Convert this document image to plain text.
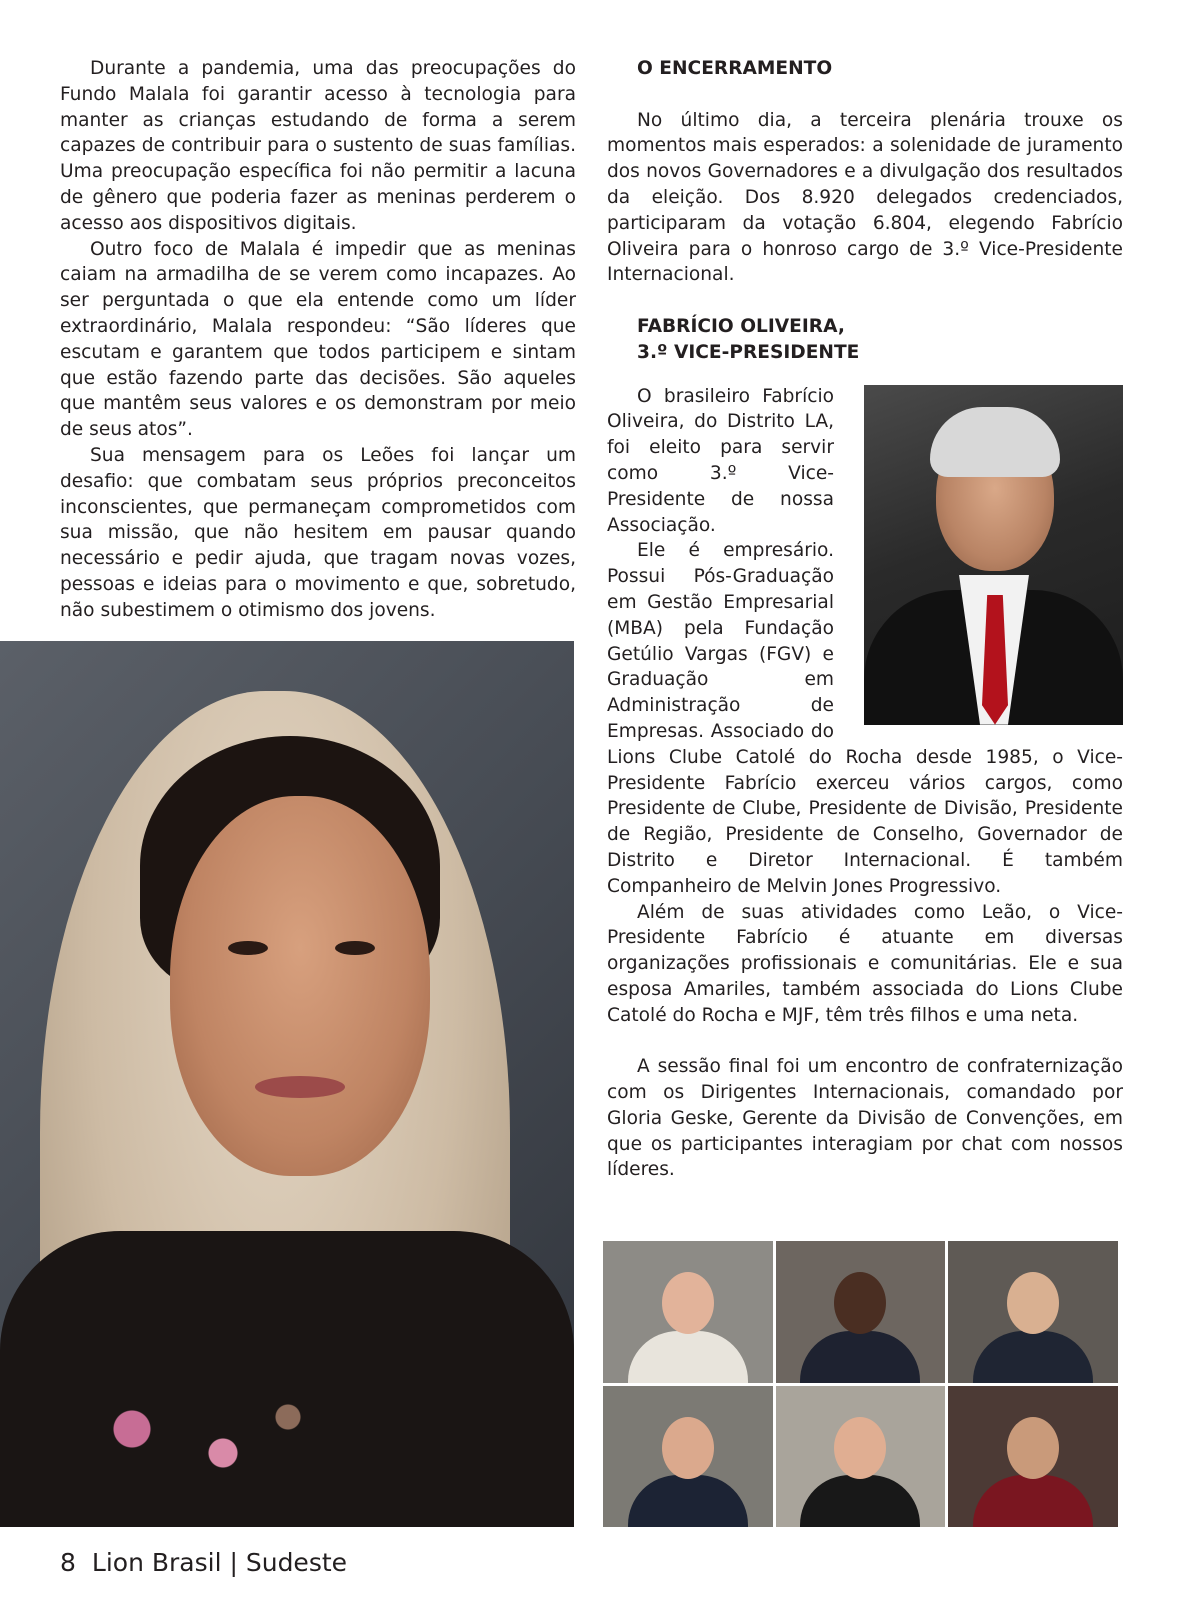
Durante a pandemia, uma das preocupações do Fundo Malala foi garantir acesso à tecnologia para manter as crianças estudando de forma a serem capazes de contribuir para o sustento de suas famílias. Uma preocupação específica foi não permitir a lacuna de gênero que poderia fazer as meninas perderem o acesso aos dispositivos digitais.

Outro foco de Malala é impedir que as meninas caiam na armadilha de se verem como incapazes. Ao ser perguntada o que ela entende como um líder extraordinário, Malala respondeu: “São líderes que escutam e garantem que todos participem e sintam que estão fazendo parte das decisões. São aqueles que mantêm seus valores e os demonstram por meio de seus atos”.

Sua mensagem para os Leões foi lançar um desafio: que combatam seus próprios preconceitos inconscientes, que permaneçam comprometidos com sua missão, que não hesitem em pausar quando necessário e pedir ajuda, que tragam novas vozes, pessoas e ideias para o movimento e que, sobretudo, não subestimem o otimismo dos jovens.

O ENCERRAMENTO

No último dia, a terceira plenária trouxe os momentos mais esperados: a solenidade de juramento dos novos Governadores e a divulgação dos resultados da eleição. Dos 8.920 delegados credenciados, participaram da votação 6.804, elegendo Fabrício Oliveira para o honroso cargo de 3.º Vice-Presidente Internacional.

FABRÍCIO OLIVEIRA,
3.º VICE-PRESIDENTE

O brasileiro Fabrício Oliveira, do Distrito LA, foi eleito para servir como 3.º Vice-Presidente de nossa Associação.

Ele é empresário. Possui Pós-Graduação em Gestão Empresarial (MBA) pela Fundação Getúlio Vargas (FGV) e Graduação em Administração de Empresas. Associado do Lions Clube Catolé do Rocha desde 1985, o Vice-Presidente Fabrício exerceu vários cargos, como Presidente de Clube, Presidente de Divisão, Presidente de Região, Presidente de Conselho, Governador de Distrito e Diretor Internacional. É também Companheiro de Melvin Jones Progressivo.

Além de suas atividades como Leão, o Vice-Presidente Fabrício é atuante em diversas organizações profissionais e comunitárias. Ele e sua esposa Amariles, também associada do Lions Clube Catolé do Rocha e MJF, têm três filhos e uma neta.

A sessão final foi um encontro de confraternização com os Dirigentes Internacionais, comandado por Gloria Geske, Gerente da Divisão de Convenções, em que os participantes interagiam por chat com nossos líderes.

8 Lion Brasil | Sudeste
